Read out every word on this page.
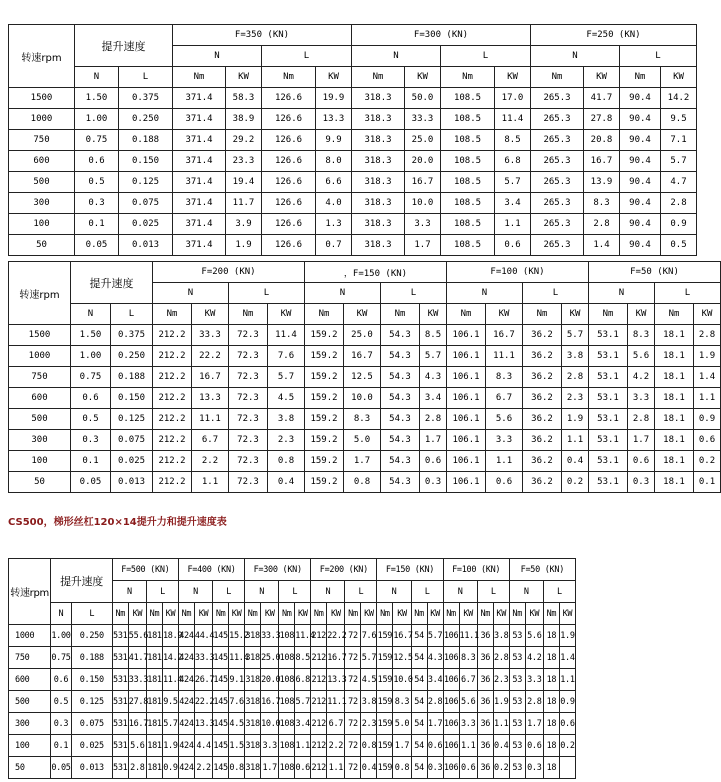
转速rpm	提升速度		F=350 (KN)				F=300 (KN)				F=250 (KN)			
			N		L		N		L		N		L	
	N	L	Nm	KW	Nm	KW	Nm	KW	Nm	KW	Nm	KW	Nm	KW
1500	1.50	0.375	371.4	58.3	126.6	19.9	318.3	50.0	108.5	17.0	265.3	41.7	90.4	14.2
1000	1.00	0.250	371.4	38.9	126.6	13.3	318.3	33.3	108.5	11.4	265.3	27.8	90.4	9.5
750	0.75	0.188	371.4	29.2	126.6	9.9	318.3	25.0	108.5	8.5	265.3	20.8	90.4	7.1
600	0.6	0.150	371.4	23.3	126.6	8.0	318.3	20.0	108.5	6.8	265.3	16.7	90.4	5.7
500	0.5	0.125	371.4	19.4	126.6	6.6	318.3	16.7	108.5	5.7	265.3	13.9	90.4	4.7
300	0.3	0.075	371.4	11.7	126.6	4.0	318.3	10.0	108.5	3.4	265.3	8.3	90.4	2.8
100	0.1	0.025	371.4	3.9	126.6	1.3	318.3	3.3	108.5	1.1	265.3	2.8	90.4	0.9
50	0.05	0.013	371.4	1.9	126.6	0.7	318.3	1.7	108.5	0.6	265.3	1.4	90.4	0.5
转速rpm	提升速度		F=200 (KN)				，F=150 (KN)				F=100 (KN)				F=50 (KN)			
			N		L		N		L		N		L		N		L	
	N	L	Nm	KW	Nm	KW	Nm	KW	Nm	KW	Nm	KW	Nm	KW	Nm	KW	Nm	KW
1500	1.50	0.375	212.2	33.3	72.3	11.4	159.2	25.0	54.3	8.5	106.1	16.7	36.2	5.7	53.1	8.3	18.1	2.8
1000	1.00	0.250	212.2	22.2	72.3	7.6	159.2	16.7	54.3	5.7	106.1	11.1	36.2	3.8	53.1	5.6	18.1	1.9
750	0.75	0.188	212.2	16.7	72.3	5.7	159.2	12.5	54.3	4.3	106.1	8.3	36.2	2.8	53.1	4.2	18.1	1.4
600	0.6	0.150	212.2	13.3	72.3	4.5	159.2	10.0	54.3	3.4	106.1	6.7	36.2	2.3	53.1	3.3	18.1	1.1
500	0.5	0.125	212.2	11.1	72.3	3.8	159.2	8.3	54.3	2.8	106.1	5.6	36.2	1.9	53.1	2.8	18.1	0.9
300	0.3	0.075	212.2	6.7	72.3	2.3	159.2	5.0	54.3	1.7	106.1	3.3	36.2	1.1	53.1	1.7	18.1	0.6
100	0.1	0.025	212.2	2.2	72.3	0.8	159.2	1.7	54.3	0.6	106.1	1.1	36.2	0.4	53.1	0.6	18.1	0.2
50	0.05	0.013	212.2	1.1	72.3	0.4	159.2	0.8	54.3	0.3	106.1	0.6	36.2	0.2	53.1	0.3	18.1	0.1
CS500，梯形丝杠120×14提升力和提升速度表
转速rpm	提升速度		F=500 (KN)				F=400 (KN)				F=300 (KN)				F=200 (KN)				F=150 (KN)				F=100 (KN)				F=50 (KN)			
			N		L		N		L		N		L		N		L		N		L		N		L		N		L	
	N	L	Nm	KW	Nm	KW	Nm	KW	Nm	KW	Nm	KW	Nm	KW	Nm	KW	Nm	KW	Nm	KW	Nm	KW	Nm	KW	Nm	KW	Nm	KW	Nm	KW
1000	1.00	0.250	531	55.6	181	18.9	424	44.4	145	15.2	318	33.3	108	11.4	212	22.2	72	7.6	159	16.7	54	5.7	106	11.1	36	3.8	53	5.6	18	1.9
750	0.75	0.188	531	41.7	181	14.2	424	33.3	145	11.4	318	25.0	108	8.5	212	16.7	72	5.7	159	12.5	54	4.3	106	8.3	36	2.8	53	4.2	18	1.4
600	0.6	0.150	531	33.3	181	11.4	424	26.7	145	9.1	318	20.0	108	6.8	212	13.3	72	4.5	159	10.0	54	3.4	106	6.7	36	2.3	53	3.3	18	1.1
500	0.5	0.125	531	27.8	181	9.5	424	22.2	145	7.6	318	16.7	108	5.7	212	11.1	72	3.8	159	8.3	54	2.8	106	5.6	36	1.9	53	2.8	18	0.9
300	0.3	0.075	531	16.7	181	5.7	424	13.3	145	4.5	318	10.0	108	3.4	212	6.7	72	2.3	159	5.0	54	1.7	106	3.3	36	1.1	53	1.7	18	0.6
100	0.1	0.025	531	5.6	181	1.9	424	4.4	145	1.5	318	3.3	108	1.1	212	2.2	72	0.8	159	1.7	54	0.6	106	1.1	36	0.4	53	0.6	18	0.2
50	0.05	0.013	531	2.8	181	0.9	424	2.2	145	0.8	318	1.7	108	0.6	212	1.1	72	0.4	159	0.8	54	0.3	106	0.6	36	0.2	53	0.3	18	
